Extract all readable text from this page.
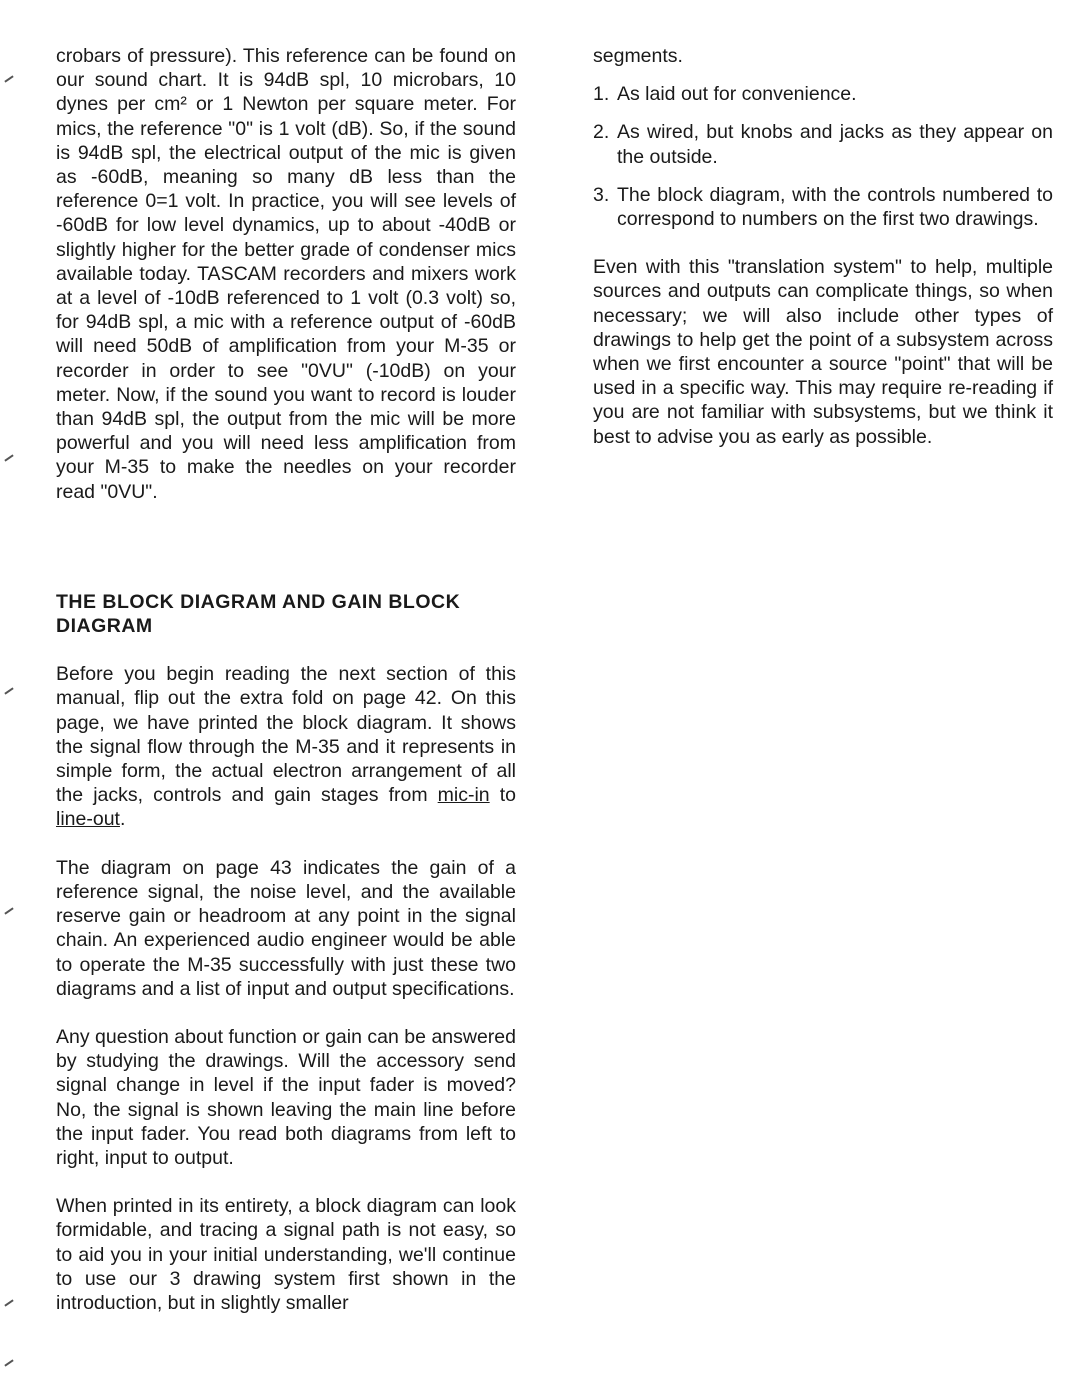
crobars of pressure). This reference can be found on our sound chart. It is 94dB spl, 10 microbars, 10 dynes per cm² or 1 Newton per square meter. For mics, the reference "0" is 1 volt (dB). So, if the sound is 94dB spl, the electrical output of the mic is given as -60dB, meaning so many dB less than the reference 0=1 volt. In practice, you will see levels of -60dB for low level dynamics, up to about -40dB or slightly higher for the better grade of condenser mics available today. TASCAM recorders and mixers work at a level of -10dB referenced to 1 volt (0.3 volt) so, for 94dB spl, a mic with a reference output of -60dB will need 50dB of amplification from your M-35 or recorder in order to see "0VU" (-10dB) on your meter. Now, if the sound you want to record is louder than 94dB spl, the output from the mic will be more powerful and you will need less amplification from your M-35 to make the needles on your recorder read "0VU".

THE BLOCK DIAGRAM AND GAIN BLOCK DIAGRAM

Before you begin reading the next section of this manual, flip out the extra fold on page 42. On this page, we have printed the block diagram. It shows the signal flow through the M-35 and it represents in simple form, the actual electron arrangement of all the jacks, controls and gain stages from mic-in to line-out.

The diagram on page 43 indicates the gain of a reference signal, the noise level, and the available reserve gain or headroom at any point in the signal chain. An experienced audio engineer would be able to operate the M-35 successfully with just these two diagrams and a list of input and output specifications.

Any question about function or gain can be answered by studying the drawings. Will the accessory send signal change in level if the input fader is moved? No, the signal is shown leaving the main line before the input fader. You read both diagrams from left to right, input to output.

When printed in its entirety, a block diagram can look formidable, and tracing a signal path is not easy, so to aid you in your initial understanding, we'll continue to use our 3 drawing system first shown in the introduction, but in slightly smaller

segments.

1. As laid out for convenience.
2. As wired, but knobs and jacks as they appear on the outside.
3. The block diagram, with the controls numbered to correspond to numbers on the first two drawings.

Even with this "translation system" to help, multiple sources and outputs can complicate things, so when necessary; we will also include other types of drawings to help get the point of a subsystem across when we first encounter a source "point" that will be used in a specific way. This may require re-reading if you are not familiar with subsystems, but we think it best to advise you as early as possible.
